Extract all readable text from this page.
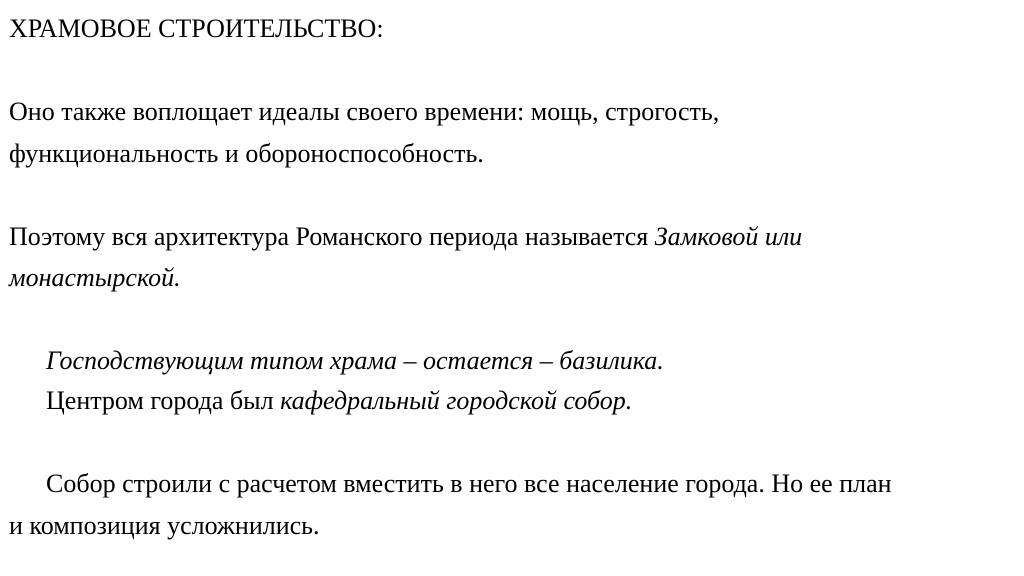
ХРАМОВОЕ СТРОИТЕЛЬСТВО:
Оно также воплощает идеалы своего времени: мощь, строгость,
функциональность и обороноспособность.
Поэтому вся архитектура Романского периода называется Замковой или
монастырской.
Господствующим типом храма – остается – базилика.
Центром города был кафедральный городской собор.
Собор строили с расчетом вместить в него все население города. Но ее план
и композиция усложнились.
